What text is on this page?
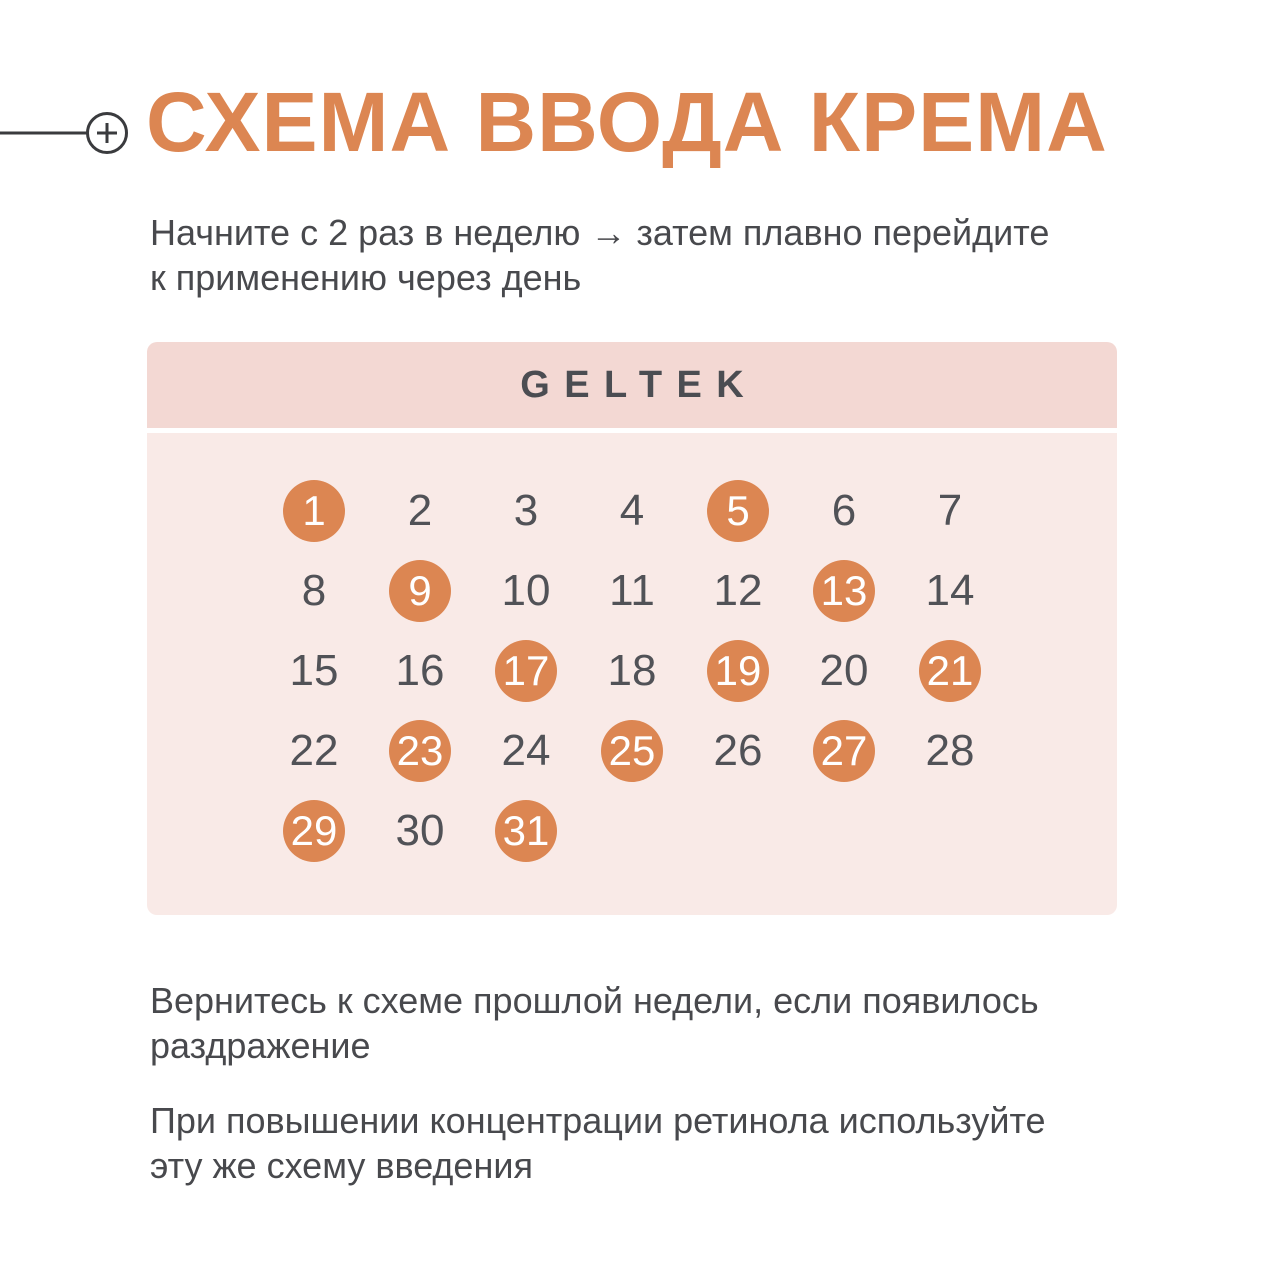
СХЕМА ВВОДА КРЕМА
Начните с 2 раз в неделю → затем плавно перейдите
к применению через день
GELTEK
1	2	3	4	5	6	7
8	9	10 11 12 13 14
15 16 17 18 19 20 21
22 23 24 25 26 27 28
29 30 31
Вернитесь к схеме прошлой недели, если появилось
раздражение
При повышении концентрации ретинола используйте
эту же схему введения
